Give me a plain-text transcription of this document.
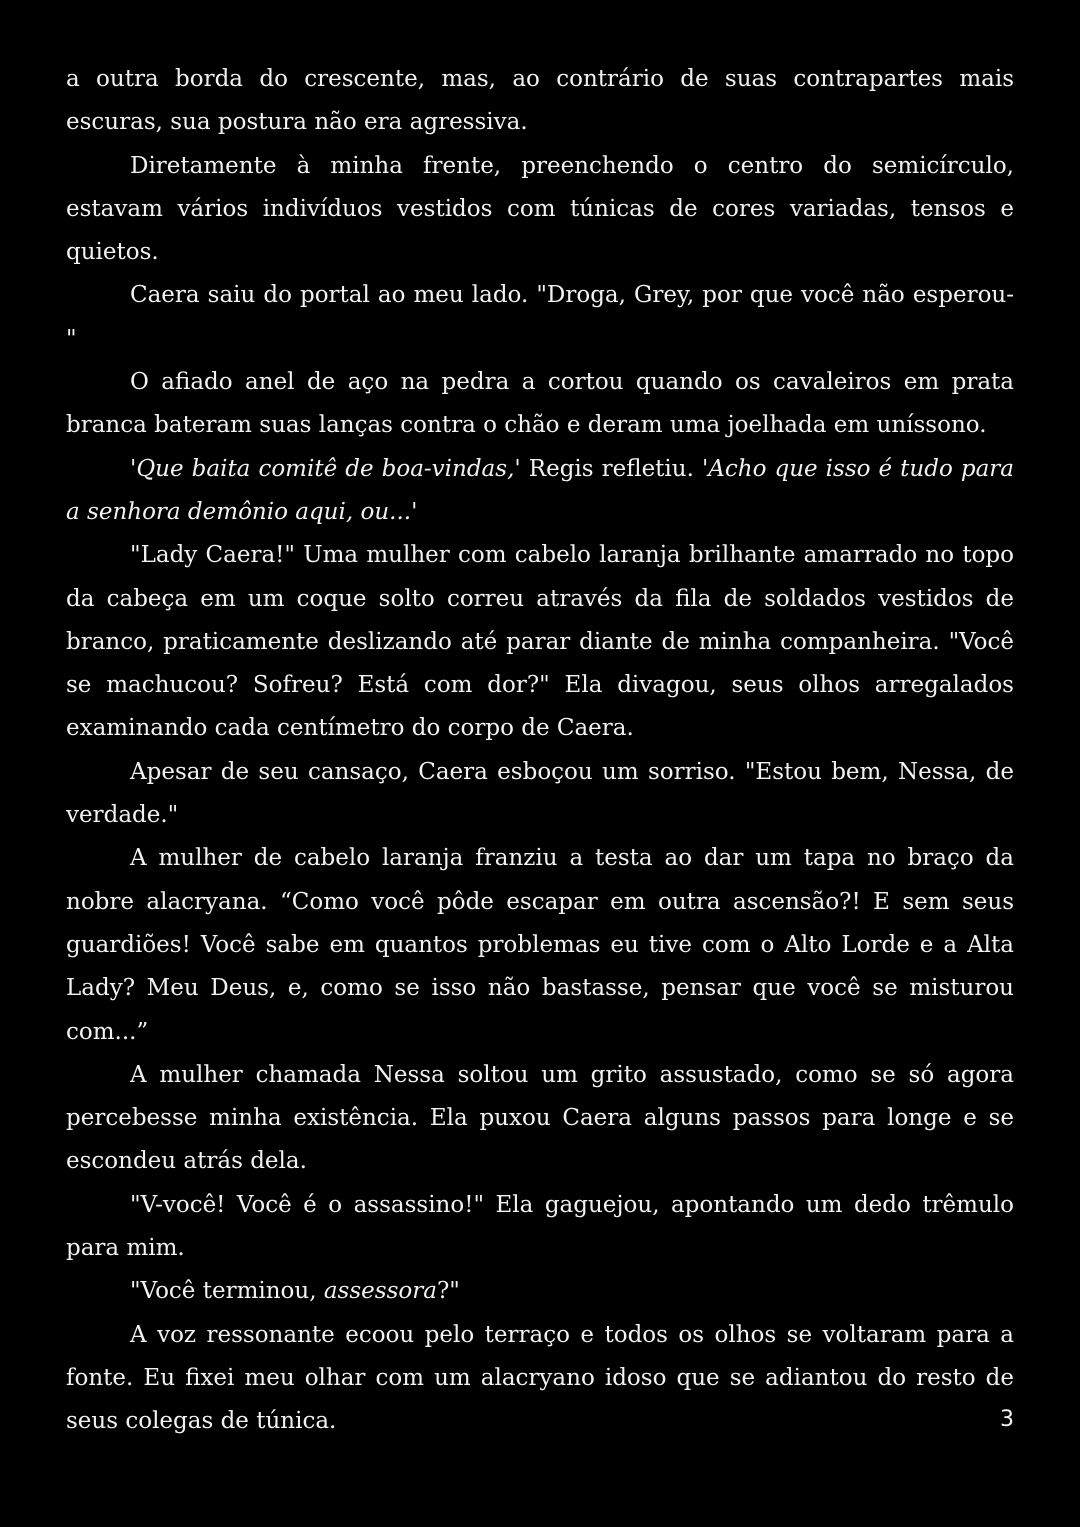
a outra borda do crescente, mas, ao contrário de suas contrapartes mais escuras, sua postura não era agressiva.

Diretamente à minha frente, preenchendo o centro do semicírculo, estavam vários indivíduos vestidos com túnicas de cores variadas, tensos e quietos.

Caera saiu do portal ao meu lado. "Droga, Grey, por que você não esperou-"

O afiado anel de aço na pedra a cortou quando os cavaleiros em prata branca bateram suas lanças contra o chão e deram uma joelhada em uníssono.

'Que baita comitê de boa-vindas,' Regis refletiu. 'Acho que isso é tudo para a senhora demônio aqui, ou...'

"Lady Caera!" Uma mulher com cabelo laranja brilhante amarrado no topo da cabeça em um coque solto correu através da fila de soldados vestidos de branco, praticamente deslizando até parar diante de minha companheira. "Você se machucou? Sofreu? Está com dor?" Ela divagou, seus olhos arregalados examinando cada centímetro do corpo de Caera.

Apesar de seu cansaço, Caera esboçou um sorriso. "Estou bem, Nessa, de verdade."

A mulher de cabelo laranja franziu a testa ao dar um tapa no braço da nobre alacryana. “Como você pôde escapar em outra ascensão?! E sem seus guardiões! Você sabe em quantos problemas eu tive com o Alto Lorde e a Alta Lady? Meu Deus, e, como se isso não bastasse, pensar que você se misturou com...”

A mulher chamada Nessa soltou um grito assustado, como se só agora percebesse minha existência. Ela puxou Caera alguns passos para longe e se escondeu atrás dela.

"V-você! Você é o assassino!" Ela gaguejou, apontando um dedo trêmulo para mim.

"Você terminou, assessora?"

A voz ressonante ecoou pelo terraço e todos os olhos se voltaram para a fonte. Eu fixei meu olhar com um alacryano idoso que se adiantou do resto de seus colegas de túnica.	3
